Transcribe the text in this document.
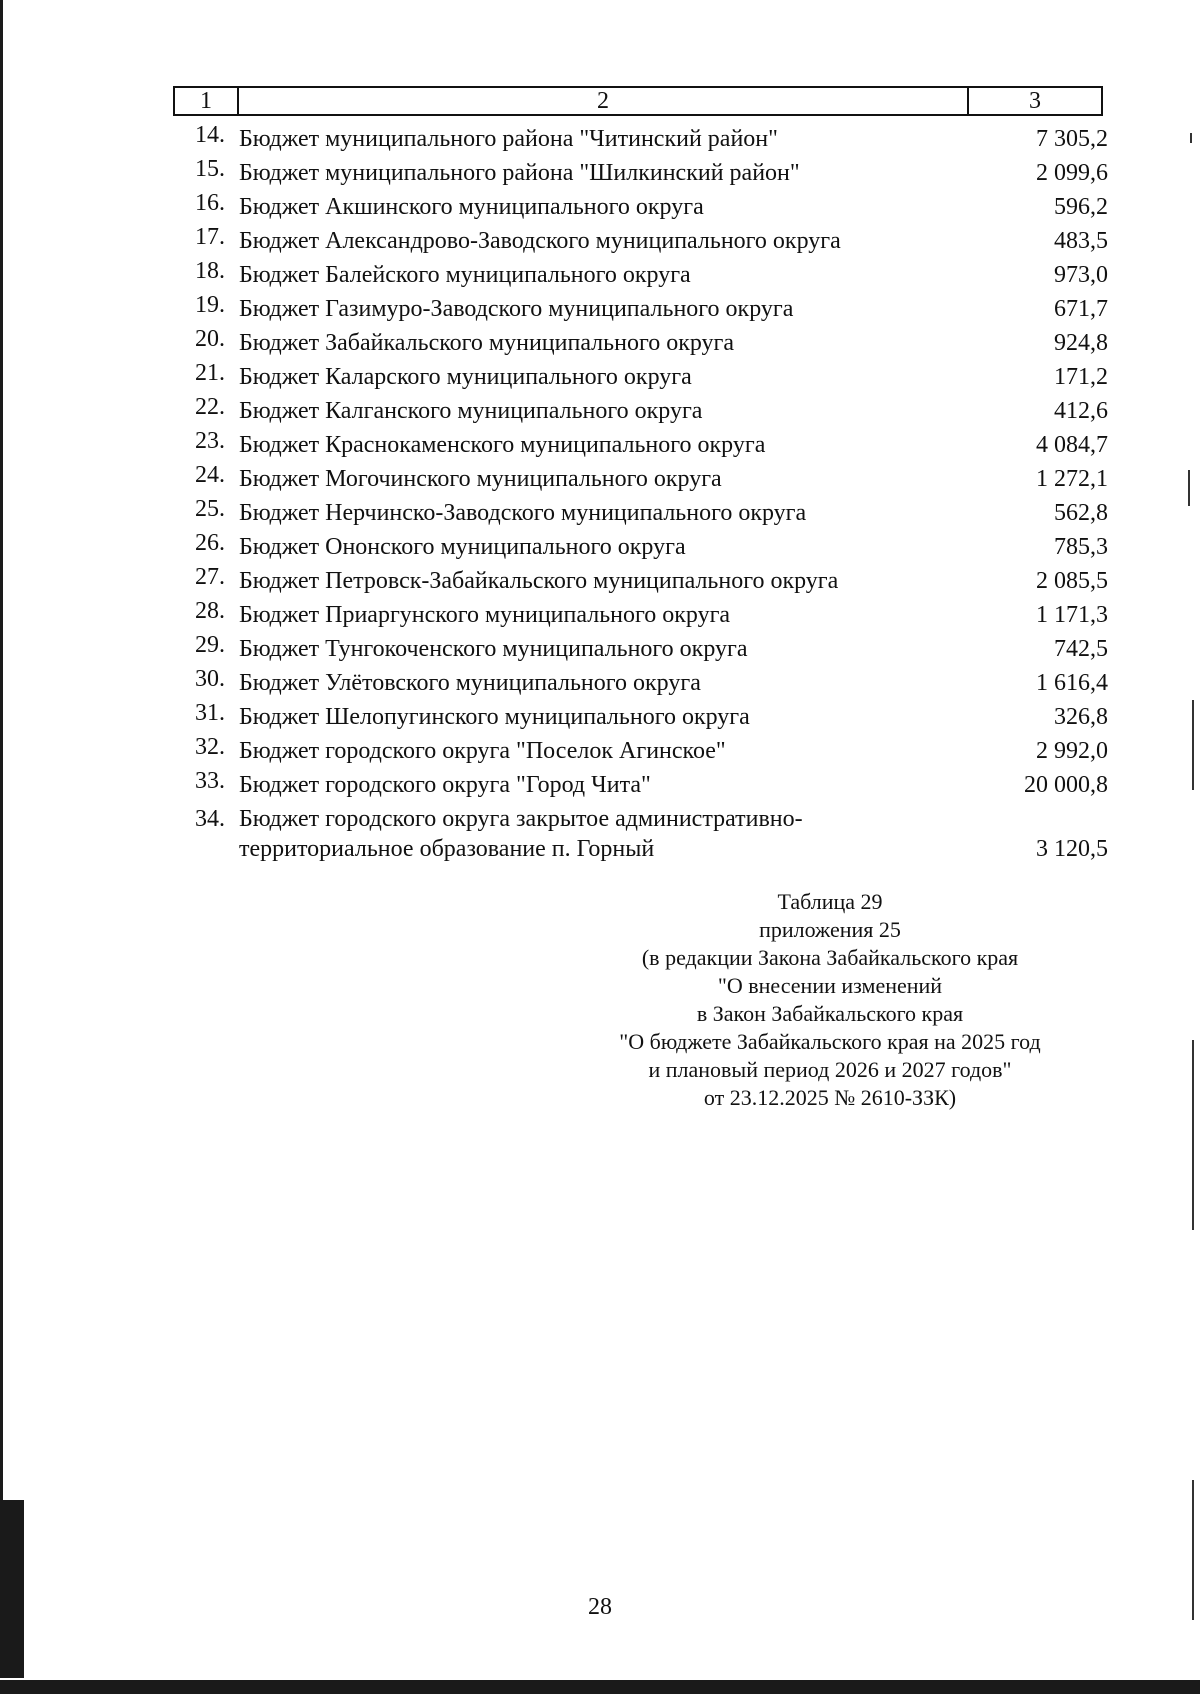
1	2	3
14. Бюджет муниципального района "Читинский район"	7 305,2
15. Бюджет муниципального района "Шилкинский район"	2 099,6
16. Бюджет Акшинского муниципального округа	596,2
17. Бюджет Александрово-Заводского муниципального округа	483,5
18. Бюджет Балейского муниципального округа	973,0
19. Бюджет Газимуро-Заводского муниципального округа	671,7
20. Бюджет Забайкальского муниципального округа	924,8
21. Бюджет Каларского муниципального округа	171,2
22. Бюджет Калганского муниципального округа	412,6
23. Бюджет Краснокаменского муниципального округа	4 084,7
24. Бюджет Могочинского муниципального округа	1 272,1
25. Бюджет Нерчинско-Заводского муниципального округа	562,8
26. Бюджет Ононского муниципального округа	785,3
27. Бюджет Петровск-Забайкальского муниципального округа	2 085,5
28. Бюджет Приаргунского муниципального округа	1 171,3
29. Бюджет Тунгокоченского муниципального округа	742,5
30. Бюджет Улётовского муниципального округа	1 616,4
31. Бюджет Шелопугинского муниципального округа	326,8
32. Бюджет городского округа "Поселок Агинское"	2 992,0
33. Бюджет городского округа "Город Чита"	20 000,8
34. Бюджет городского округа закрытое административно-
территориальное образование п. Горный	3 120,5
Таблица 29
приложения 25
(в редакции Закона Забайкальского края
"О внесении изменений
в Закон Забайкальского края
"О бюджете Забайкальского края на 2025 год
и плановый период 2026 и 2027 годов"
от 23.12.2025 № 2610-ЗЗК)
28
